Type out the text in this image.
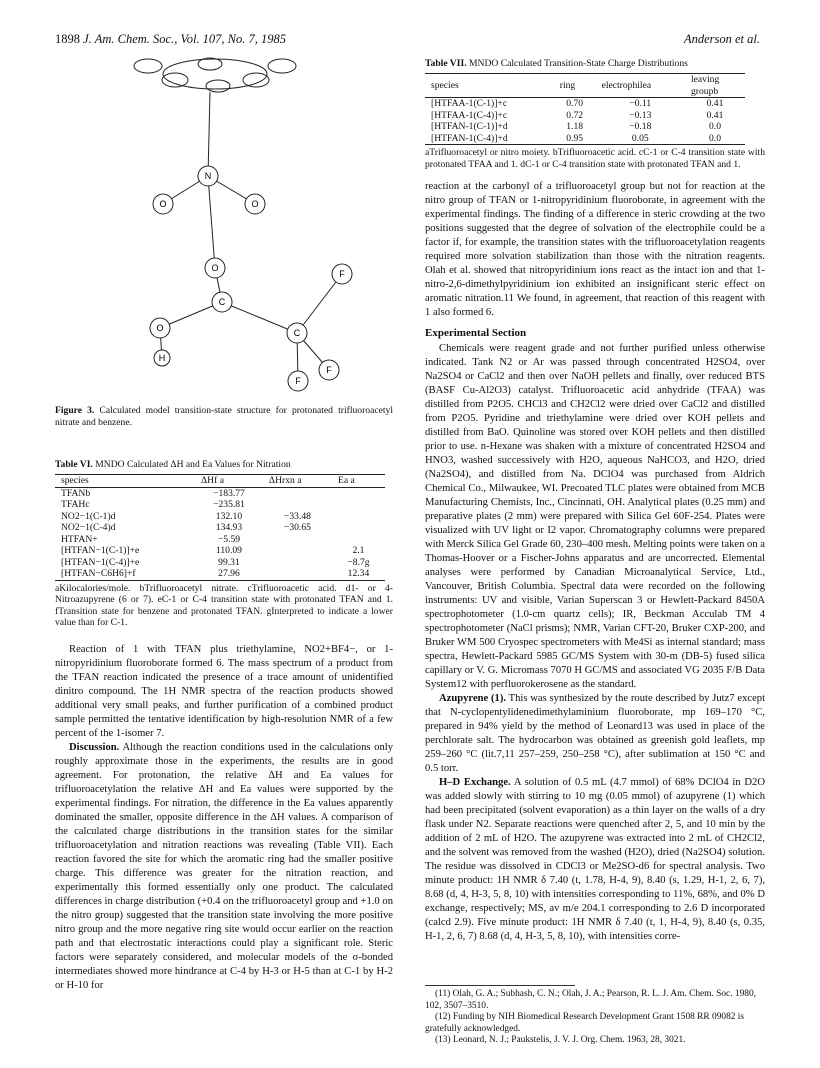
1898 J. Am. Chem. Soc., Vol. 107, No. 7, 1985	Anderson et al.
N
O	O
O
F
C
O	C
H
F
F

Figure 3. Calculated model transition-state structure for protonated trifluoroacetyl nitrate and benzene.

Table VI. MNDO Calculated ΔH and Ea Values for Nitration

species	ΔHf a	ΔHrxn a	Ea a
TFANb	−183.77		
TFAHc	−235.81		
NO2−1(C-1)d	132.10	−33.48	
NO2−1(C-4)d	134.93	−30.65	
HTFAN+	−5.59		
[HTFAN−1(C-1)]+e	110.09		2.1
[HTFAN−1(C-4)]+e	99.31		−8.7g
[HTFAN−C6H6]+f	27.96		12.34

aKilocalories/mole. bTrifluoroacetyl nitrate. cTrifluoroacetic acid. d1- or 4-Nitroazupyrene (6 or 7). eC-1 or C-4 transition state with protonated TFAN and 1. fTransition state for benzene and protonated TFAN. gInterpreted to indicate a lower value than for C-1.

Reaction of 1 with TFAN plus triethylamine, NO2+BF4−, or 1-nitropyridinium fluoroborate formed 6. The mass spectrum of a product from the TFAN reaction indicated the presence of a trace amount of unidentified dinitro compound. The 1H NMR spectra of the reaction products showed additional very small peaks, and further purification of a combined product sample permitted the tentative identification by high-resolution NMR of a few percent of the 1-isomer 7.

Discussion. Although the reaction conditions used in the calculations only roughly approximate those in the experiments, the results are in good agreement. For protonation, the relative ΔH and Ea values for trifluoroacetylation the relative ΔH and Ea values were supported by the experimental findings. For nitration, the difference in the Ea values apparently dominated the smaller, opposite difference in the ΔH values. A comparison of the calculated charge distributions in the transition states for the similar trifluoroacetylation and nitration reactions was revealing (Table VII). Each reaction favored the site for which the aromatic ring had the smaller positive charge. This difference was greater for the nitration reaction, and experimentally this formed essentially only one product. The calculated differences in charge distribution (+0.4 on the trifluoroacetyl group and +1.0 on the nitro group) suggested that the transition state involving the more positive nitro group and the more negative ring site would occur earlier on the reaction path and that electrostatic interactions could play a significant role. Steric factors were separately considered, and molecular models of the σ-bonded intermediates showed more hindrance at C-4 by H-3 or H-5 than at C-1 by H-2 or H-10 for

Table VII. MNDO Calculated Transition-State Charge Distributions

species	ring	electrophilea	leaving groupb
[HTFAA-1(C-1)]+c	0.70	−0.11	0.41
[HTFAA-1(C-4)]+c	0.72	−0.13	0.41
[HTFAN-1(C-1)]+d	1.18	−0.18	0.0
[HTFAN-1(C-4)]+d	0.95	0.05	0.0

aTrifluoroacetyl or nitro moiety. bTrifluoroacetic acid. cC-1 or C-4 transition state with protonated TFAA and 1. dC-1 or C-4 transition state with protonated TFAN and 1.

reaction at the carbonyl of a trifluoroacetyl group but not for reaction at the nitro group of TFAN or 1-nitropyridinium fluoroborate, in agreement with the experimental findings. The finding of a difference in steric crowding at the two positions suggested that the degree of solvation of the electrophile could be a factor if, for example, the transition states with the trifluoroacetylation reagents required more solvation stabilization than those with the nitration reagents. Olah et al. showed that nitropyridinium ions react as the intact ion and that 1-nitro-2,6-dimethylpyridinium ion exhibited an insignificant steric effect on aromatic nitration.11 We found, in agreement, that reaction of this reagent with 1 also formed 6.

Experimental Section

Chemicals were reagent grade and not further purified unless otherwise indicated. Tank N2 or Ar was passed through concentrated H2SO4, over Na2SO4 or CaCl2 and then over NaOH pellets and finally, over reduced BTS (BASF Cu-Al2O3) catalyst. Trifluoroacetic acid anhydride (TFAA) was distilled from P2O5. CHCl3 and CH2Cl2 were dried over CaCl2 and distilled from P2O5. Pyridine and triethylamine were dried over KOH pellets and distilled from BaO. Quinoline was stored over KOH pellets and then distilled prior to use. n-Hexane was shaken with a mixture of concentrated H2SO4 and HNO3, washed successively with H2O, aqueous NaHCO3, and H2O, dried (Na2SO4), and distilled from Na. DClO4 was purchased from Aldrich Chemical Co., Milwaukee, WI. Precoated TLC plates were obtained from MCB Manufacturing Chemists, Inc., Cincinnati, OH. Analytical plates (0.25 mm) and preparative plates (2 mm) were prepared with Silica Gel 60F-254. Plates were visualized with UV light or I2 vapor. Chromatography columns were prepared with Merck Silica Gel Grade 60, 230–400 mesh. Melting points were taken on a Thomas-Hoover or a Fischer-Johns apparatus and are uncorrected. Elemental analyses were performed by Canadian Microanalytical Service, Ltd., Vancouver, British Columbia. Spectral data were recorded on the following instruments: UV and visible, Varian Superscan 3 or Hewlett-Packard 8450A spectrophotometer (1.0-cm quartz cells); IR, Beckman Acculab TM 4 spectrophotometer (NaCl prisms); NMR, Varian CFT-20, Bruker CXP-200, and Bruker WM 500 Cryospec spectrometers with Me4Si as internal standard; mass spectra, Hewlett-Packard 5985 GC/MS System with 30-m (DB-5) fused silica capillary or V. G. Micromass 7070 H GC/MS and associated VG 2035 F/B Data System12 with perfluorokerosene as the standard.

Azupyrene (1). This was synthesized by the route described by Jutz7 except that N-cyclopentylidenedimethylaminium fluoroborate, mp 169–170 °C, prepared in 94% yield by the method of Leonard13 was used in place of the perchlorate salt. The hydrocarbon was obtained as greenish gold leaflets, mp 259–260 °C (lit.7,11 257–259, 250–258 °C), after sublimation at 150 °C and 0.5 torr.

H–D Exchange. A solution of 0.5 mL (4.7 mmol) of 68% DClO4 in D2O was added slowly with stirring to 10 mg (0.05 mmol) of azupyrene (1) which had been precipitated (solvent evaporation) as a thin layer on the walls of a dry flask under N2. Separate reactions were quenched after 2, 5, and 10 min by the addition of 2 mL of H2O. The azupyrene was extracted into 2 mL of CH2Cl2, and the solvent was removed from the washed (H2O), dried (Na2SO4) solution. The residue was dissolved in CDCl3 or Me2SO-d6 for spectral analysis. Two minute product: 1H NMR δ 7.40 (t, 1.78, H-4, 9), 8.40 (s, 1.29, H-1, 2, 6, 7), 8.68 (d, 4, H-3, 5, 8, 10) with intensities corresponding to 11%, 68%, and 0% D exchange, respectively; MS, av m/e 204.1 corresponding to 2.6 D incorporated (calcd 2.9). Five minute product: 1H NMR δ 7.40 (t, 1, H-4, 9), 8.40 (s, 0.35, H-1, 2, 6, 7) 8.68 (d, 4, H-3, 5, 8, 10), with intensities corre-

(11) Olah, G. A.; Subhash, C. N.; Olah, J. A.; Pearson, R. L. J. Am. Chem. Soc. 1980, 102, 3507–3510.

(12) Funding by NIH Biomedical Research Development Grant 1508 RR 09082 is gratefully acknowledged.

(13) Leonard, N. J.; Paukstelis, J. V. J. Org. Chem. 1963, 28, 3021.
